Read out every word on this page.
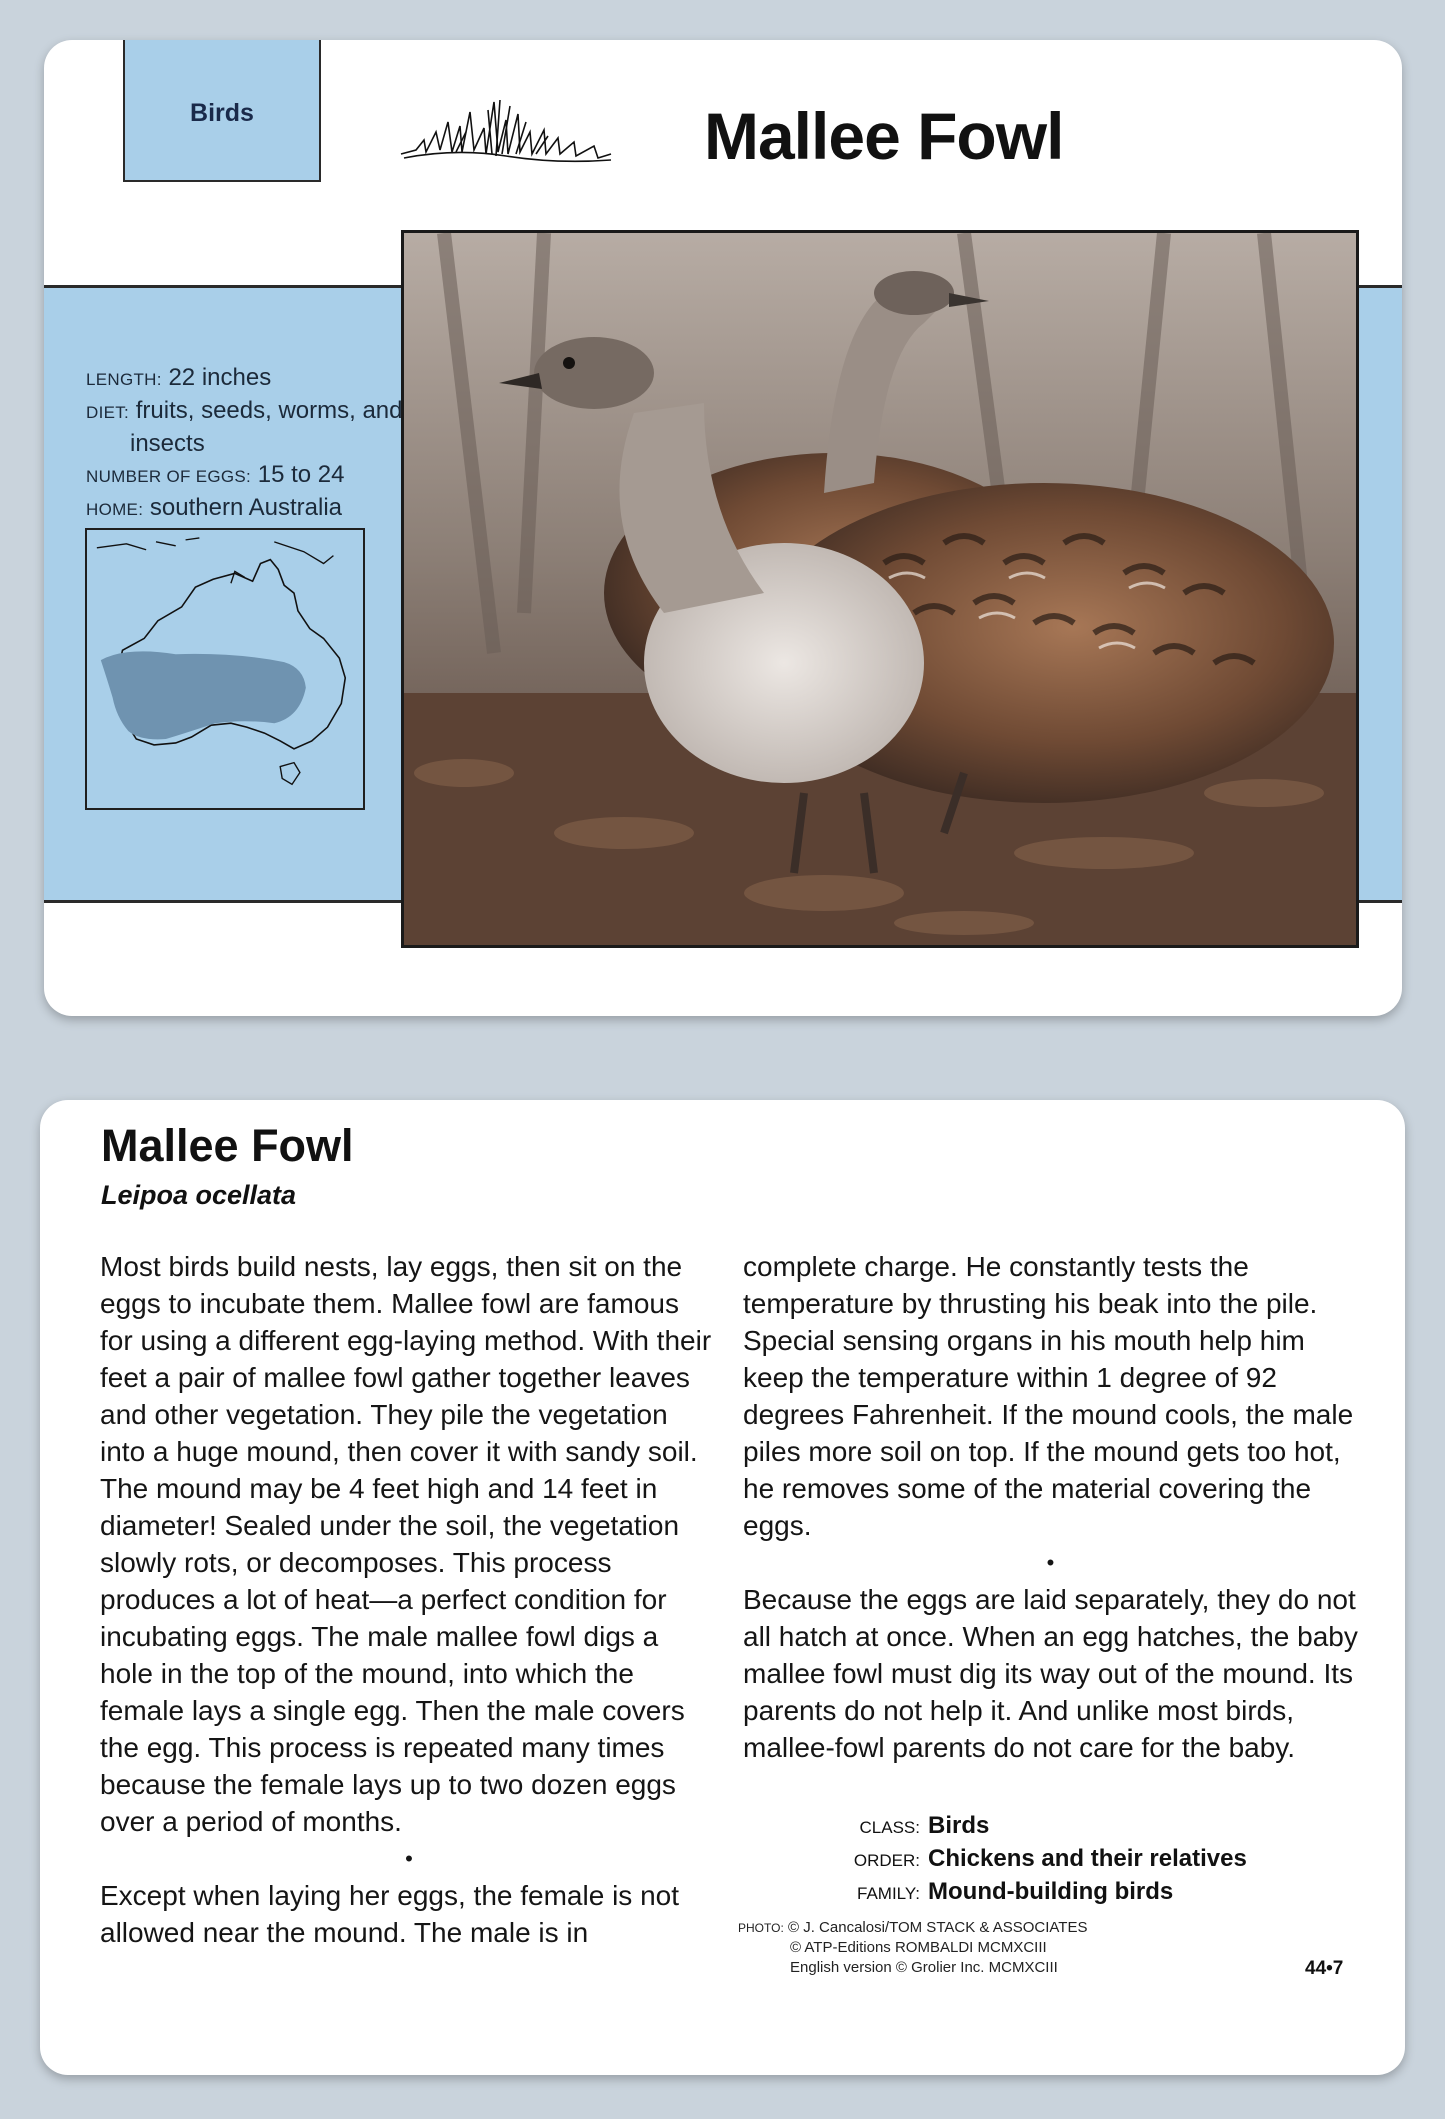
Birds	Mallee Fowl
LENGTH: 22 inches
DIET: fruits, seeds, worms, and
insects
NUMBER OF EGGS: 15 to 24
HOME: southern Australia
Mallee Fowl
Leipoa ocellata

Most birds build nests, lay eggs, then sit on the eggs to incubate them. Mallee fowl are famous for using a different egg-laying method. With their feet a pair of mallee fowl gather together leaves and other vegetation. They pile the vegetation into a huge mound, then cover it with sandy soil. The mound may be 4 feet high and 14 feet in diameter! Sealed under the soil, the vegetation slowly rots, or decomposes. This process produces a lot of heat—a perfect condition for incubating eggs. The male mallee fowl digs a hole in the top of the mound, into which the female lays a single egg. Then the male covers the egg. This process is repeated many times because the female lays up to two dozen eggs over a period of months.

•

Except when laying her eggs, the female is not allowed near the mound. The male is in

complete charge. He constantly tests the temperature by thrusting his beak into the pile. Special sensing organs in his mouth help him keep the temperature within 1 degree of 92 degrees Fahrenheit. If the mound cools, the male piles more soil on top. If the mound gets too hot, he removes some of the material covering the eggs.

•

Because the eggs are laid separately, they do not all hatch at once. When an egg hatches, the baby mallee fowl must dig its way out of the mound. Its parents do not help it. And unlike most birds, mallee-fowl parents do not care for the baby.

CLASS: Birds
ORDER: Chickens and their relatives
FAMILY: Mound-building birds
PHOTO: © J. Cancalosi/TOM STACK & ASSOCIATES
© ATP-Editions ROMBALDI MCMXCIII
English version © Grolier Inc. MCMXCIII	44•7
